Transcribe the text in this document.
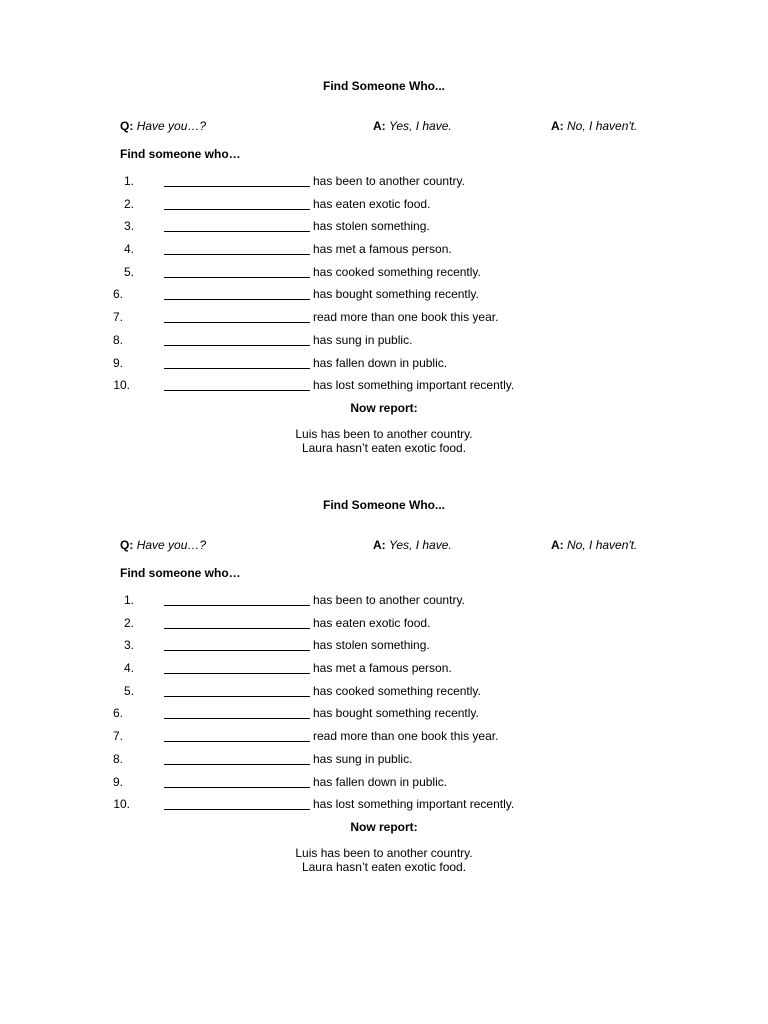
Find Someone Who...
Q: Have you…?	A: Yes, I have.	A: No, I haven't.
Find someone who…
1.	has been to another country.
2.	has eaten exotic food.
3.	has stolen something.
4.	has met a famous person.
5.	has cooked something recently.
6.	has bought something recently.
7.	read more than one book this year.
8.	has sung in public.
9.	has fallen down in public.
10.	has lost something important recently.
Now report:
Luis has been to another country.
Laura hasn’t eaten exotic food.
Find Someone Who...
Q: Have you…?	A: Yes, I have.	A: No, I haven't.
Find someone who…
1.	has been to another country.
2.	has eaten exotic food.
3.	has stolen something.
4.	has met a famous person.
5.	has cooked something recently.
6.	has bought something recently.
7.	read more than one book this year.
8.	has sung in public.
9.	has fallen down in public.
10.	has lost something important recently.
Now report:
Luis has been to another country.
Laura hasn’t eaten exotic food.
